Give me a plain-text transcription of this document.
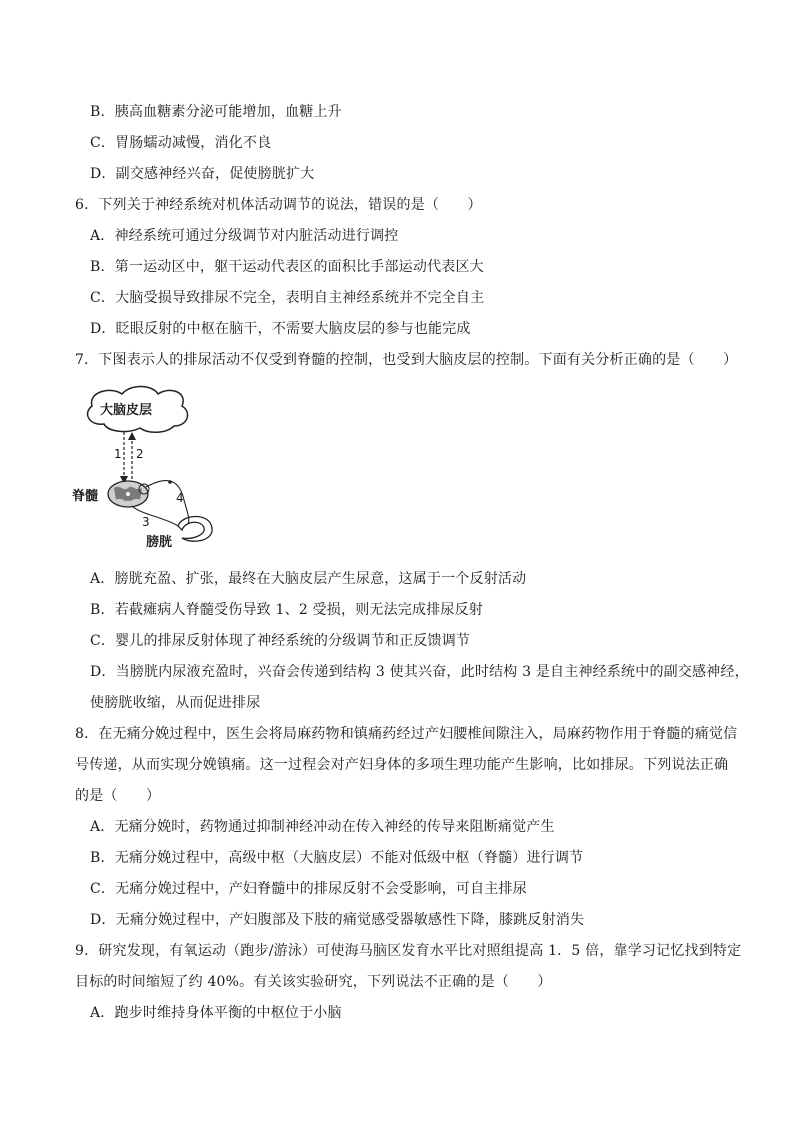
B．胰高血糖素分泌可能增加，血糖上升
C．胃肠蠕动减慢，消化不良
D．副交感神经兴奋，促使膀胱扩大
6．下列关于神经系统对机体活动调节的说法，错误的是（　　）
A．神经系统可通过分级调节对内脏活动进行调控
B．第一运动区中，躯干运动代表区的面积比手部运动代表区大
C．大脑受损导致排尿不完全，表明自主神经系统并不完全自主
D．眨眼反射的中枢在脑干，不需要大脑皮层的参与也能完成
7．下图表示人的排尿活动不仅受到脊髓的控制，也受到大脑皮层的控制。下面有关分析正确的是（　　）
大脑皮层
1 2
脊髓	4
3
膀胱
A．膀胱充盈、扩张，最终在大脑皮层产生尿意，这属于一个反射活动
B．若截瘫病人脊髓受伤导致 1、2 受损，则无法完成排尿反射
C．婴儿的排尿反射体现了神经系统的分级调节和正反馈调节
D．当膀胱内尿液充盈时，兴奋会传递到结构 3 使其兴奋，此时结构 3 是自主神经系统中的副交感神经，
使膀胱收缩，从而促进排尿
8．在无痛分娩过程中，医生会将局麻药物和镇痛药经过产妇腰椎间隙注入，局麻药物作用于脊髓的痛觉信
号传递，从而实现分娩镇痛。这一过程会对产妇身体的多项生理功能产生影响，比如排尿。下列说法正确
的是（　　）
A．无痛分娩时，药物通过抑制神经冲动在传入神经的传导来阻断痛觉产生
B．无痛分娩过程中，高级中枢（大脑皮层）不能对低级中枢（脊髓）进行调节
C．无痛分娩过程中，产妇脊髓中的排尿反射不会受影响，可自主排尿
D．无痛分娩过程中，产妇腹部及下肢的痛觉感受器敏感性下降，膝跳反射消失
9．研究发现，有氧运动（跑步/游泳）可使海马脑区发育水平比对照组提高 1．5 倍，靠学习记忆找到特定
目标的时间缩短了约 40%。有关该实验研究，下列说法不正确的是（　　）
A．跑步时维持身体平衡的中枢位于小脑
